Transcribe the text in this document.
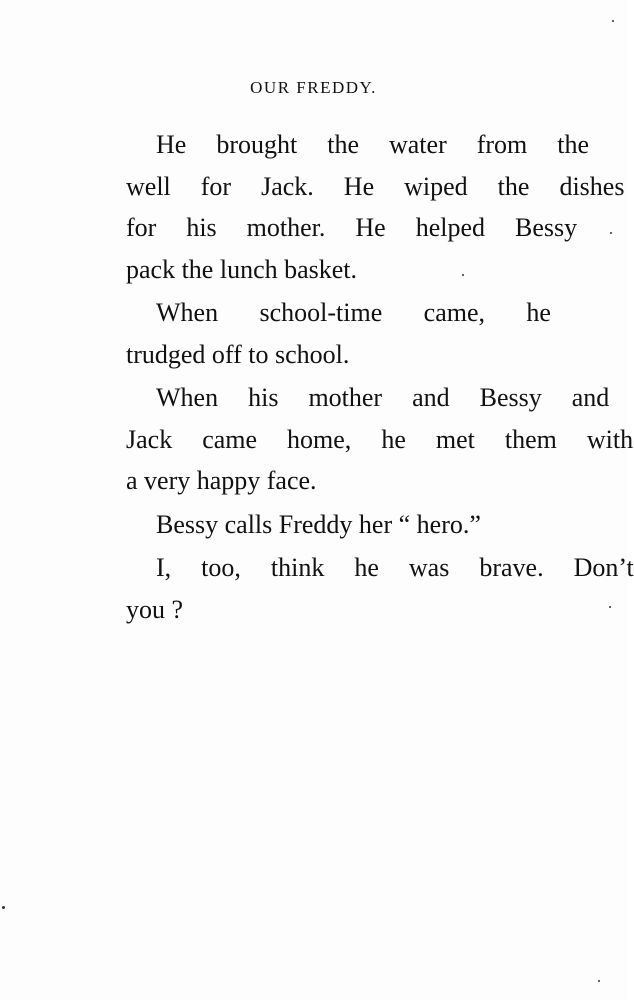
OUR FREDDY.
He	brought	the	water	from	the
well	for	Jack.	He	wiped	the	dishes
for	his	mother.	He	helped	Bessy
pack the lunch basket.
When	school-time	came,	he
trudged off to school.
When	his	mother	and	Bessy	and
Jack	came	home,	he	met	them	with
a very happy face.
Bessy calls Freddy her “ hero.”
I,	too,	think	he	was	brave.	Don’t
you ?
